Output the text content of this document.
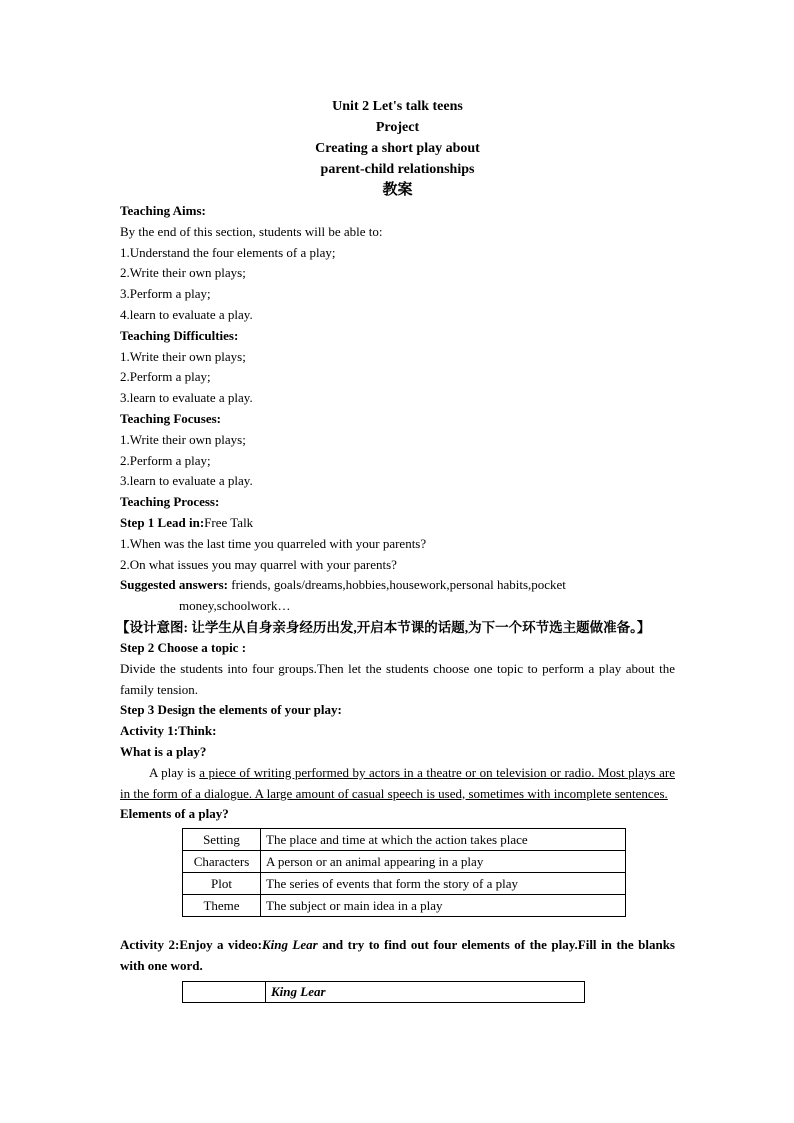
Unit 2 Let's talk teens
Project
Creating a short play about
parent-child relationships
教案
Teaching Aims:
By the end of this section, students will be able to:
1.Understand the four elements of a play;
2.Write their own plays;
3.Perform a play;
4.learn to evaluate a play.
Teaching Difficulties:
1.Write their own plays;
2.Perform a play;
3.learn to evaluate a play.
Teaching Focuses:
1.Write their own plays;
2.Perform a play;
3.learn to evaluate a play.
Teaching Process:
Step 1 Lead in:Free Talk
1.When was the last time you quarreled with your parents?
2.On what issues you may quarrel with your parents?
Suggested answers: friends, goals/dreams,hobbies,housework,personal habits,pocket
money,schoolwork…
【设计意图: 让学生从自身亲身经历出发,开启本节课的话题,为下一个环节选主题做准备。】
Step 2 Choose a topic :
Divide the students into four groups.Then let the students choose one topic to perform a play about the family tension.
Step 3 Design the elements of your play:
Activity 1:Think:
What is a play?
A play is a piece of writing performed by actors in a theatre or on television or radio. Most plays are in the form of a dialogue. A large amount of casual speech is used, sometimes with incomplete sentences.
Elements of a play?
Setting	The place and time at which the action takes place
Characters	A person or an animal appearing in a play
Plot	The series of events that form the story of a play
Theme	The subject or main idea in a play
Activity 2:Enjoy a video:King Lear and try to find out four elements of the play.Fill in the blanks with one word.
	King Lear
